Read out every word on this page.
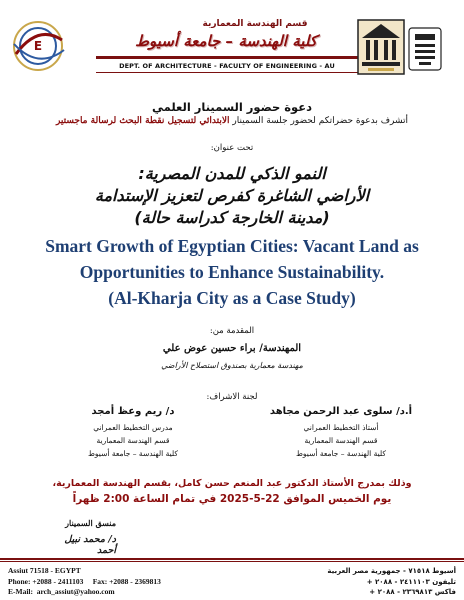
E
قسم الهندسة المعمارية
كلية الهندسة – جامعة أسيوط
DEPT. OF ARCHITECTURE - FACULTY OF ENGINEERING - AU
دعوة حضور السمينار العلمي
أتشرف بدعوة حضراتكم لحضور جلسة السمينار الابتدائي لتسجيل نقطة البحث لرسالة ماجستير
تحت عنوان:
النمو الذكي للمدن المصرية:
الأراضي الشاغرة كفرص لتعزيز الإستدامة
(مدينة الخارجة كدراسة حالة)
Smart Growth of Egyptian Cities: Vacant Land as
Opportunities to Enhance Sustainability.
(Al-Kharja City as a Case Study)
المقدمة من:
المهندسة/ براء حسين عوض علي
مهندسة معمارية بصندوق استصلاح الأراضي
لجنة الاشراف:
أ.د/ سلوى عبد الرحمن مجاهد
أستاذ التخطيط العمراني
قسم الهندسة المعمارية
كلية الهندسة – جامعة أسيوط
د/ ريم وعظ أمجد
مدرس التخطيط العمراني
قسم الهندسة المعمارية
كلية الهندسة – جامعة أسيوط
وذلك بمدرج الأستاذ الدكتور عبد المنعم حسن كامل، بقسم الهندسة المعمارية،
يوم الخميس الموافق 22-5-2025 في تمام الساعة 2:00 ظهراً
منسق السمينار
د/ محمد نبيل أحمد
Assiut 71518 - EGYPT
Phone: +2088 - 2411103     Fax: +2088 - 2369813
E-Mail:  arch_assiut@yahoo.com
أسيوط ٧١٥١٨ - جمهورية مصر العربية
تليفون ٢٤١١١٠٣ - ٢٠٨٨ +
فاكس ٢٣٦٩٨١٣ - ٢٠٨٨ +
